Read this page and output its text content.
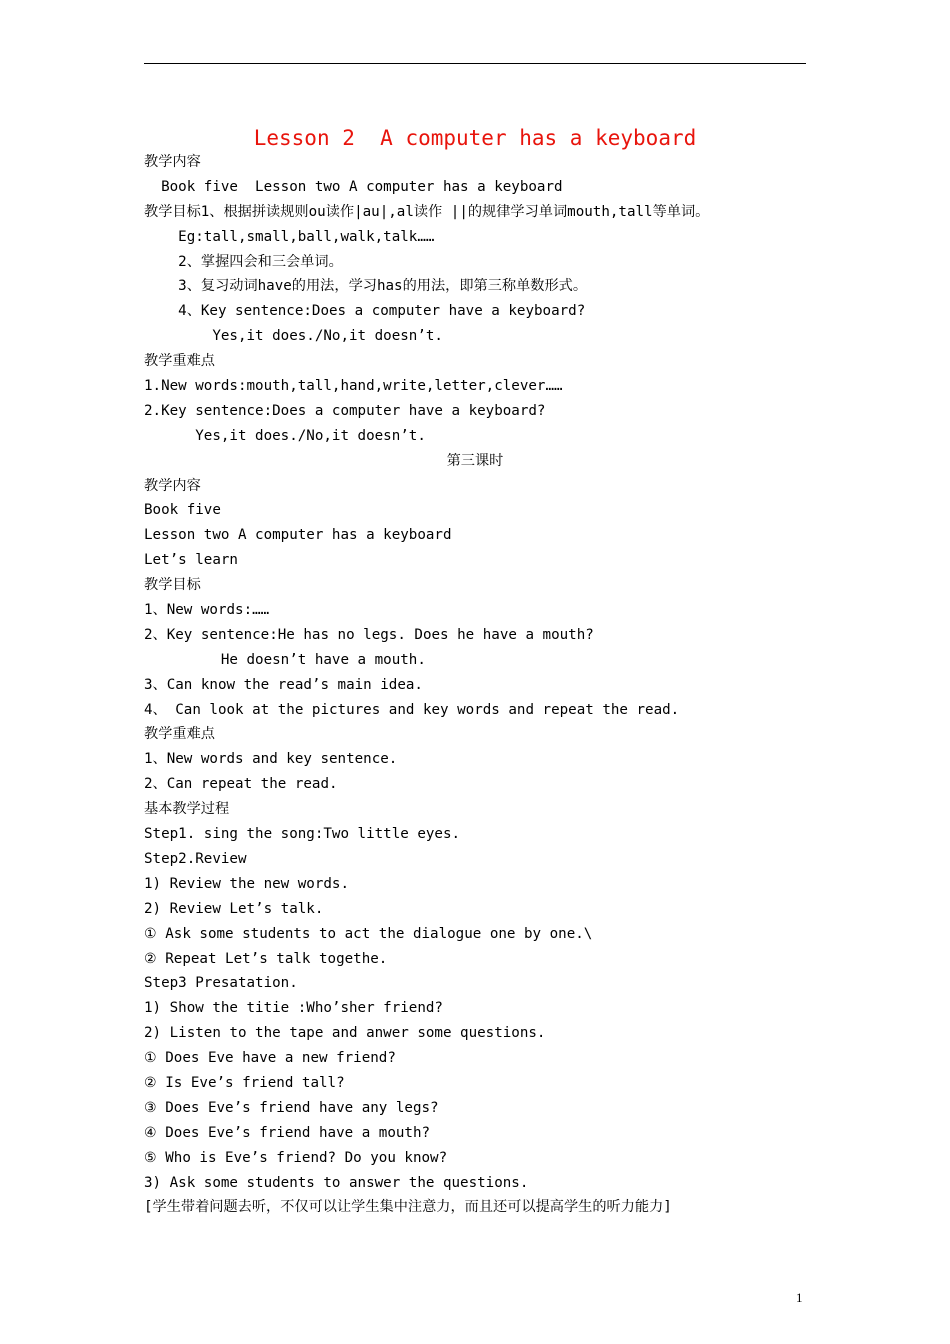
Lesson 2  A computer has a keyboard
教学内容
Book five  Lesson two A computer has a keyboard
教学目标1、根据拼读规则ou读作|au|,al读作 ||的规律学习单词mouth,tall等单词。
Eg:tall,small,ball,walk,talk……
2、掌握四会和三会单词。
3、复习动词have的用法，学习has的用法，即第三称单数形式。
4、Key sentence:Does a computer have a keyboard?
Yes,it does./No,it doesn’t.
教学重难点
1.New words:mouth,tall,hand,write,letter,clever……
2.Key sentence:Does a computer have a keyboard?
Yes,it does./No,it doesn’t.
第三课时
教学内容
Book five
Lesson two A computer has a keyboard
Let’s learn
教学目标
1、New words:……
2、Key sentence:He has no legs. Does he have a mouth?
He doesn’t have a mouth.
3、Can know the read’s main idea.
4、 Can look at the pictures and key words and repeat the read.
教学重难点
1、New words and key sentence.
2、Can repeat the read.
基本教学过程
Step1. sing the song:Two little eyes.
Step2.Review
1) Review the new words.
2) Review Let’s talk.
① Ask some students to act the dialogue one by one.\
② Repeat Let’s talk togethe.
Step3 Presatation.
1) Show the titie :Who’sher friend?
2) Listen to the tape and anwer some questions.
① Does Eve have a new friend?
② Is Eve’s friend tall?
③ Does Eve’s friend have any legs?
④ Does Eve’s friend have a mouth?
⑤ Who is Eve’s friend? Do you know?
3) Ask some students to answer the questions.
[学生带着问题去听，不仅可以让学生集中注意力，而且还可以提高学生的听力能力]
1
